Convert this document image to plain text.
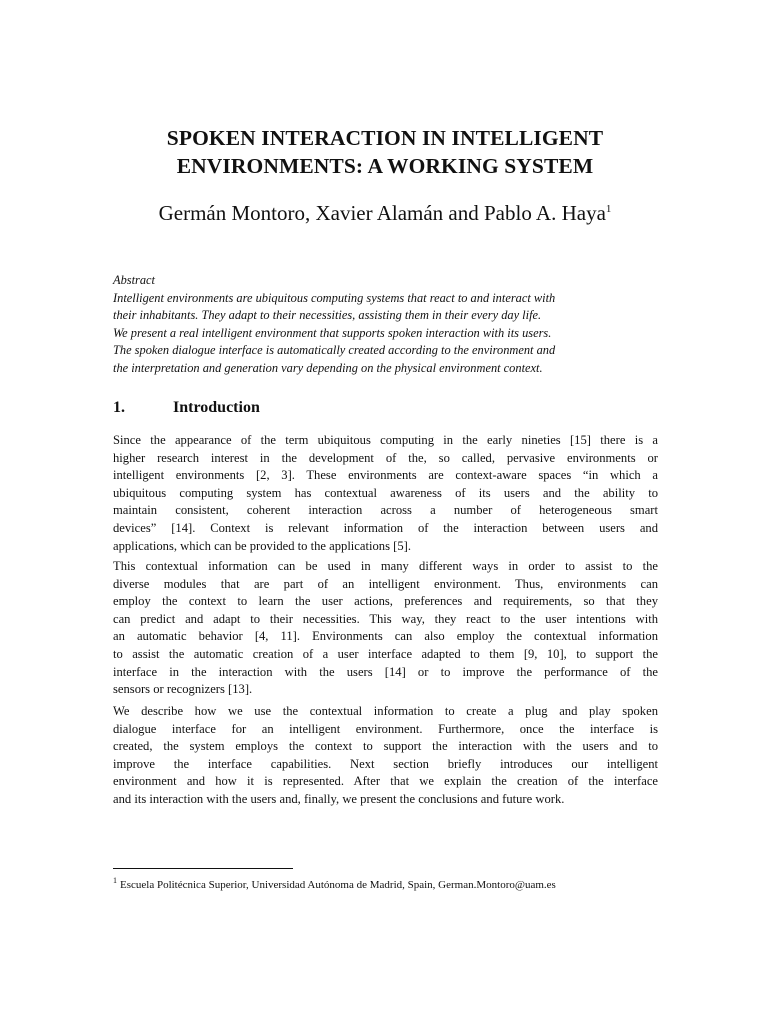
SPOKEN INTERACTION IN INTELLIGENT
ENVIRONMENTS: A WORKING SYSTEM
Germán Montoro, Xavier Alamán and Pablo A. Haya$^1$
Abstract
Intelligent environments are ubiquitous computing systems that react to and interact with
their inhabitants. They adapt to their necessities, assisting them in their every day life.
We present a real intelligent environment that supports spoken interaction with its users.
The spoken dialogue interface is automatically created according to the environment and
the interpretation and generation vary depending on the physical environment context.
1.	Introduction
Since the appearance of the term ubiquitous computing in the early nineties [15] there is a
higher research interest in the development of the, so called, pervasive environments or
intelligent environments [2, 3]. These environments are context-aware spaces “in which a
ubiquitous computing system has contextual awareness of its users and the ability to
maintain consistent, coherent interaction across a number of heterogeneous smart
devices” [14]. Context is relevant information of the interaction between users and
applications, which can be provided to the applications [5].
This contextual information can be used in many different ways in order to assist to the
diverse modules that are part of an intelligent environment. Thus, environments can
employ the context to learn the user actions, preferences and requirements, so that they
can predict and adapt to their necessities. This way, they react to the user intentions with
an automatic behavior [4, 11]. Environments can also employ the contextual information
to assist the automatic creation of a user interface adapted to them [9, 10], to support the
interface in the interaction with the users [14] or to improve the performance of the
sensors or recognizers [13].
We describe how we use the contextual information to create a plug and play spoken
dialogue interface for an intelligent environment. Furthermore, once the interface is
created, the system employs the context to support the interaction with the users and to
improve the interface capabilities. Next section briefly introduces our intelligent
environment and how it is represented. After that we explain the creation of the interface
and its interaction with the users and, finally, we present the conclusions and future work.
$^1$ Escuela Politécnica Superior, Universidad Autónoma de Madrid, Spain, German.Montoro@uam.es
